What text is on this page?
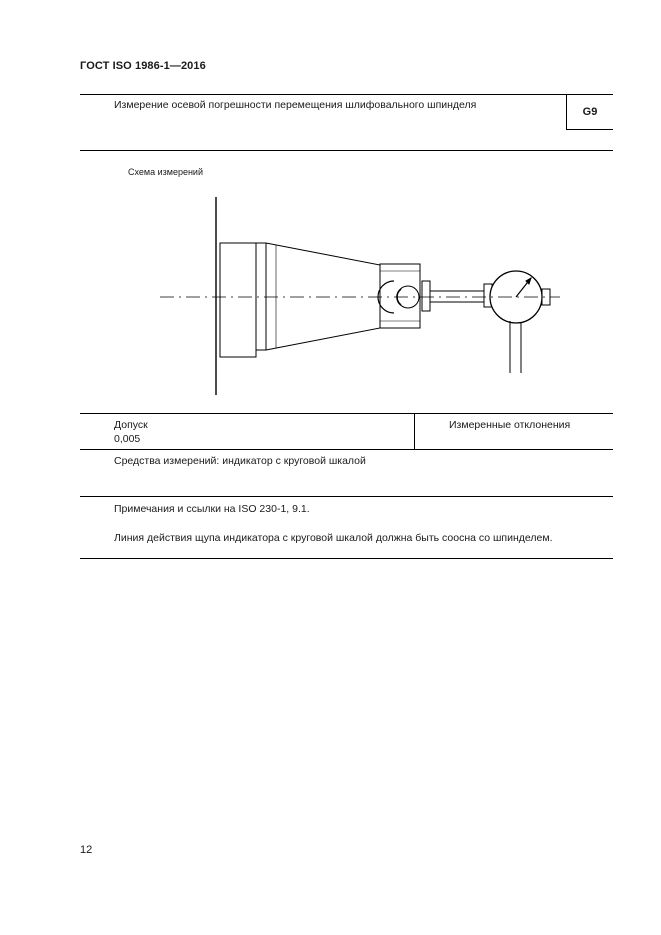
ГОСТ ISO 1986-1—2016
Измерение осевой погрешности перемещения шлифовального шпинделя
G9
Схема измерений
Допуск
0,005
Измеренные отклонения
Средства измерений: индикатор с круговой шкалой
Примечания и ссылки на ISO 230-1, 9.1.
Линия действия щупа индикатора с круговой шкалой должна быть соосна со шпинделем.
12
